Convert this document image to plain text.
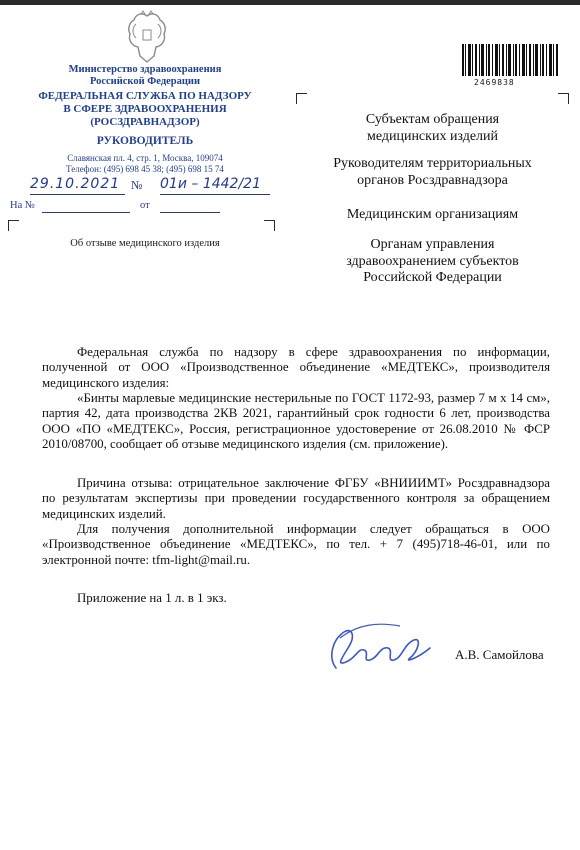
Министерство здравоохранения
Российской Федерации
ФЕДЕРАЛЬНАЯ СЛУЖБА ПО НАДЗОРУ
В СФЕРЕ ЗДРАВООХРАНЕНИЯ
(РОСЗДРАВНАДЗОР)
РУКОВОДИТЕЛЬ
Славянская пл. 4, стр. 1, Москва, 109074
Телефон: (495) 698 45 38; (495) 698 15 74
29.10.2021 № 01и – 1442/21
На №	от
Об отзыве медицинского изделия
2469838
Субъектам обращения
медицинских изделий
Руководителям территориальных
органов Росздравнадзора
Медицинским организациям
Органам управления
здравоохранением субъектов
Российской Федерации
Федеральная служба по надзору в сфере здравоохранения по информации, полученной от ООО «Производственное объединение «МЕДТЕКС», производителя медицинского изделия:
«Бинты марлевые медицинские нестерильные по ГОСТ 1172-93, размер 7 м х 14 см», партия 42, дата производства 2КВ 2021, гарантийный срок годности 6 лет, производства ООО «ПО «МЕДТЕКС», Россия, регистрационное удостоверение от 26.08.2010 № ФСР 2010/08700, сообщает об отзыве медицинского изделия (см. приложение).
Причина отзыва: отрицательное заключение ФГБУ «ВНИИИМТ» Росздравнадзора по результатам экспертизы при проведении государственного контроля за обращением медицинских изделий.
Для получения дополнительной информации следует обращаться в ООО «Производственное объединение «МЕДТЕКС», по тел. + 7 (495)718-46-01, или по электронной почте: tfm-light@mail.ru.
Приложение на 1 л. в 1 экз.
А.В. Самойлова
